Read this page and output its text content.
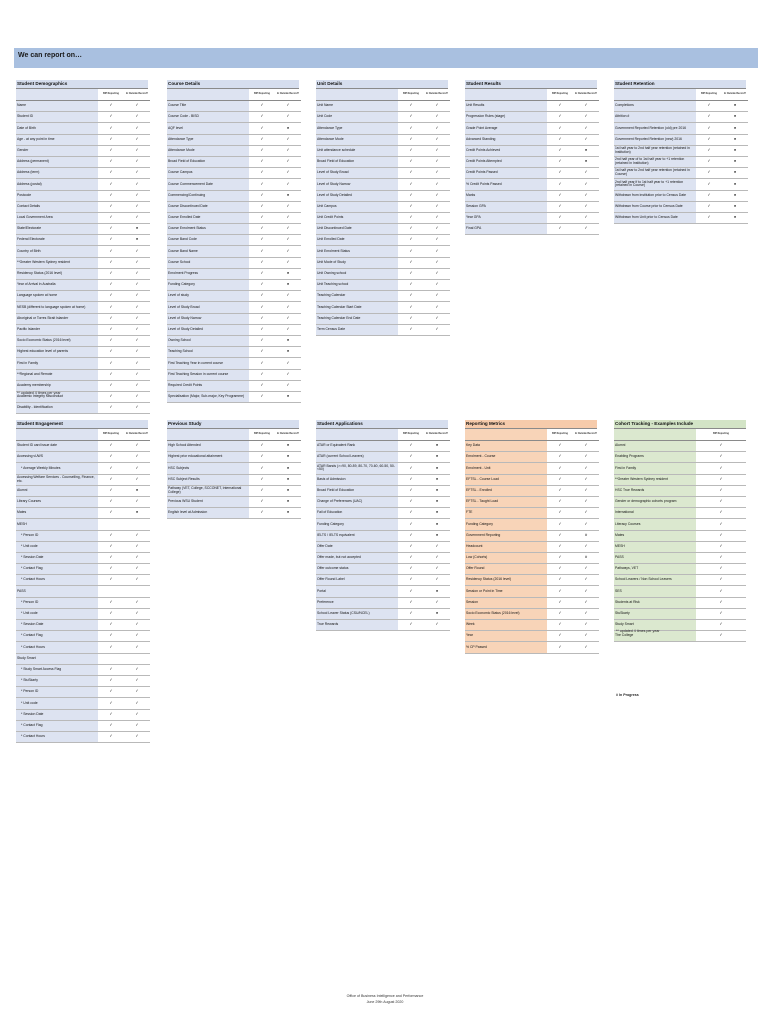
We can report on…
Student Demographics
	BIP Reporting	In Outside Record?
Name	✓	✓
Student ID	✓	✓
Date of Birth	✓	✓
Age - at any point in time	✓	✓
Gender	✓	✓
Address (permanent)	✓	✓
Address (term)	✓	✓
Address (postal)	✓	✓
Postcode	✓	✓
Contact Details	✓	✓
Local Government Area	✓	✓
State/Electorate	✓	●
Federal Electorate	✓	●
Country of Birth	✓	✓
**Greater Western Sydney resident	✓	✓
Residency Status (2016 level)	✓	✓
Year of Arrival in Australia	✓	✓
Language spoken at home	✓	✓
NESB (different to language spoken at home)	✓	✓
Aboriginal or Torres Strait Islander	✓	✓
Pacific Islander	✓	✓
Socio Economic Status (2016 level)	✓	✓
Highest education level of parents	✓	✓
First in Family	✓	✓
**Regional and Remote	✓	✓
Academy membership	✓	✓
Academic Integrity Misconduct	✓	✓
Disability - Identification	✓	✓
Course Details
	BIP Reporting	In Outside Record?
Course Title	✓	✓
Course Code - BISD	✓	✓
AQF level	✓	●
Attendance Type	✓	✓
Attendance Mode	✓	✓
Broad Field of Education	✓	✓
Course Campus	✓	✓
Course Commencement Date	✓	✓
Commencing/Continuing	✓	●
Course Discontinued Date	✓	✓
Course Enrolled Date	✓	✓
Course Enrolment Status	✓	✓
Course Band Code	✓	✓
Course Band Name	✓	✓
Course School	✓	✓
Enrolment Progress	✓	●
Funding Category	✓	●
Level of study	✓	✓
Level of Study Broad	✓	✓
Level of Study Narrow	✓	✓
Level of Study Detailed	✓	✓
Owning School	✓	●
Teaching School	✓	●
First Teaching Year in current course	✓	✓
First Teaching Session in current course	✓	✓
Required Credit Points	✓	✓
Specialisation (Major, Sub-major, Key Programme)	✓	●
Unit Details
	BIP Reporting	In Outside Record?
Unit Name	✓	✓
Unit Code	✓	✓
Attendance Type	✓	✓
Attendance Mode	✓	✓
Unit attendance schedule	✓	✓
Broad Field of Education	✓	✓
Level of Study Broad	✓	✓
Level of Study Narrow	✓	✓
Level of Study Detailed	✓	✓
Unit Campus	✓	✓
Unit Credit Points	✓	✓
Unit Discontinued Date	✓	✓
Unit Enrolled Date	✓	✓
Unit Enrolment Status	✓	✓
Unit Mode of Study	✓	✓
Unit Owning school	✓	✓
Unit Teaching school	✓	✓
Teaching Calendar	✓	✓
Teaching Calendar Start Date	✓	✓
Teaching Calendar End Date	✓	✓
Term Census Date	✓	✓
Student Results
	BIP Reporting	In Outside Record?
Unit Results	✓	✓
Progression Rules (stage)	✓	✓
Grade Point Average	✓	✓
Advanced Standing	✓	✓
Credit Points Achieved	✓	●
Credit Points Attempted	✓	●
Credit Points Passed	✓	✓
% Credit Points Passed	✓	✓
Marks	✓	✓
Session GPA	✓	✓
Year GPA	✓	✓
Final GPA	✓	✓
Student Retention
	BIP Reporting	In Outside Record?
Completions	✓	●
Attrition #	✓	●
Government Reported Retention (old) pre 2016	✓	●
Government Reported Retention (new) 2016	✓	●
1st half year to 2nd half year retention (retained in Institution)	✓	●
2nd half year of to 1st half year to +1 retention (retained in Institution)	✓	●
1st half year to 2nd half year retention (retained in Course)	✓	●
2nd half year if to 1st half year to +1 retention (retained in Course)	✓	●
Withdrawn from institution prior to Census Date	✓	●
Withdrawn from Course prior to Census Date	✓	●
Withdrawn from Unit prior to Census Date	✓	●
Student Engagement
	BIP Reporting	In Outside Record?
Student ID card issue date	✓	✓
Accessing vUWS	✓	✓
* Average Weekly Minutes	✓	✓
Accessing Welfare Services - Counselling, Finance, etc.	✓	✓
Alumni	✓	●
Library Courses	✓	✓
Mates	✓	●
MESH		
* Person ID	✓	✓
* Unit code	✓	✓
* Session Date	✓	✓
* Contact Flag	✓	✓
* Contact Hours	✓	✓
PASS		
* Person ID	✓	✓
* Unit code	✓	✓
* Session Date	✓	✓
* Contact Flag	✓	✓
* Contact Hours	✓	✓
Study Smart		
* Study Smart Access Flag	✓	✓
* StuSkarty	✓	✓
* Person ID	✓	✓
* Unit code	✓	✓
* Session Date	✓	✓
* Contact Flag	✓	✓
* Contact Hours	✓	✓
Previous Study
	BIP Reporting	In Outside Record?
High School Attended	✓	●
Highest prior educational attainment	✓	●
HSC Subjects	✓	●
HSC Subject Results	✓	●
Pathway (VET, College, SCCONET, International College)	✓	●
Previous WSU Student	✓	●
English level at Admission	✓	●
Student Applications
	BIP Reporting	In Outside Record?
ATAR or Equivalent Rank	✓	●
ATAR (current School Leavers)	✓	●
ATAR Bands (>=90, 80-89, 80-70, 70-60, 60-50, 50-<50)	✓	●
Basis of Admission	✓	●
Broad Field of Education	✓	●
Change of Preferences (UAC)	✓	●
Fail of Education	✓	●
Funding Category	✓	●
IELTS / IELTS equivalent	✓	●
Offer Date	✓	✓
Offer made, but not accepted	✓	✓
Offer outcome status	✓	✓
Offer Round Label	✓	✓
Portal	✓	●
Preference	✓	✓
School Leaver Status (CSU/NCEL)	✓	●
True Rewards	✓	✓
Reporting Metrics
	BIP Reporting	In Outside Record?
Key Data	✓	✓
Enrolment - Course	✓	✓
Enrolment - Unit	✓	✓
EFTSL - Course Load	✓	✓
EFTSL - Enrolled	✓	✓
EFTSL - Taught Load	✓	✓
FTE	✓	✓
Funding Category	✓	✓
Government Reporting	✓	#
Headcount	✓	✓
Low (Cohorts)	✓	#
Offer Round	✓	✓
Residency Status (2016 level)	✓	✓
Session or Point in Time	✓	✓
Session	✓	✓
Socio Economic Status (2016 level)	✓	✓
Week	✓	✓
Year	✓	✓
% CP Passed	✓	✓
Cohort Tracking - Examples Include
	BIP Reporting
Alumni	✓
Enabling Programs	✓
First in Family	✓
**Greater Western Sydney resident	✓
HSC True Rewards	✓
Gender or demographic cohorts program	✓
International	✓
Literacy Courses	✓
Mates	✓
MESH	✓
PASS	✓
Pathways, VET	✓
School Leavers / Non School Leavers	✓
SES	✓
Students at Risk	✓
StuSkarty	✓
Study Smart	✓
The College	✓
** updated 4 times per year
** updated 4 times per year
# In Progress
Office of Business Intelligence and Performance
June 29th August 2020
